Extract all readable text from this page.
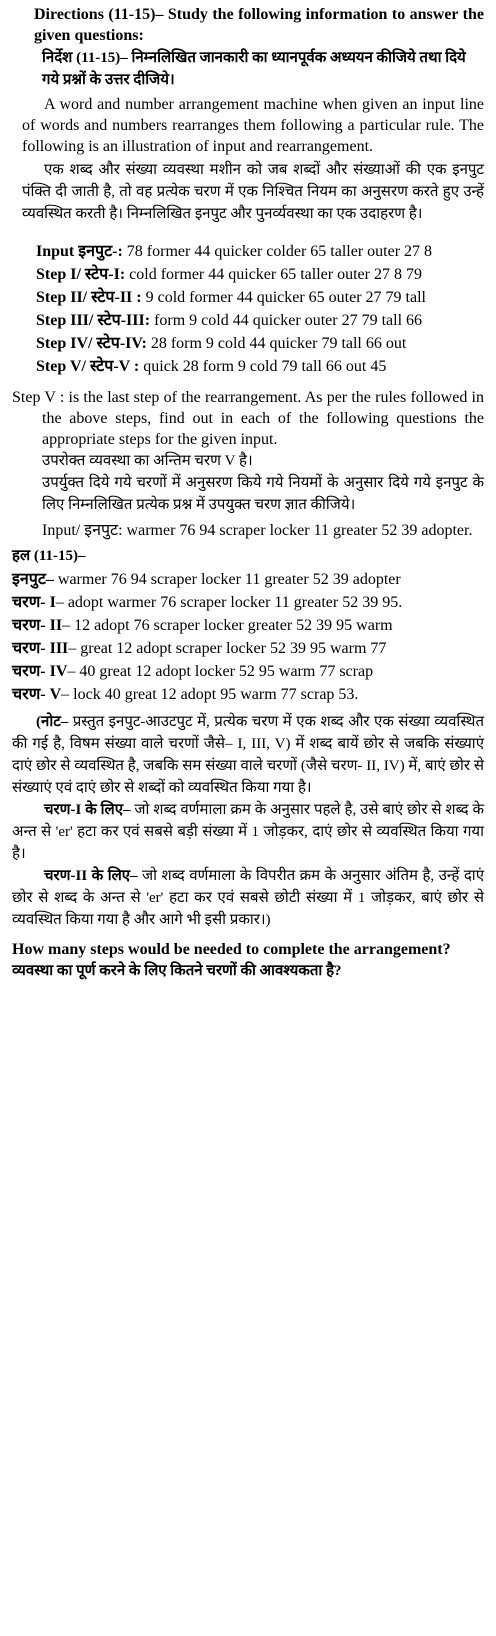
Directions (11-15)– Study the following information to answer the given questions:

निर्देश (11-15)– निम्नलिखित जानकारी का ध्यानपूर्वक अध्ययन कीजिये तथा दिये गये प्रश्नों के उत्तर दीजिये।

A word and number arrangement machine when given an input line of words and numbers rearranges them following a particular rule. The following is an illustration of input and rearrangement.

एक शब्द और संख्या व्यवस्था मशीन को जब शब्दों और संख्याओं की एक इनपुट पंक्ति दी जाती है, तो वह प्रत्येक चरण में एक निश्चित नियम का अनुसरण करते हुए उन्हें व्यवस्थित करती है। निम्नलिखित इनपुट और पुनर्व्यवस्था का एक उदाहरण है।

Input इनपुट-: 78 former 44 quicker colder 65 taller outer 27 8

Step I/ स्टेप-I: cold former 44 quicker 65 taller outer 27 8 79

Step II/ स्टेप-II : 9 cold former 44 quicker 65 outer 27 79 tall

Step III/ स्टेप-III: form 9 cold 44 quicker outer 27 79 tall 66

Step IV/ स्टेप-IV: 28 form 9 cold 44 quicker 79 tall 66 out

Step V/ स्टेप-V : quick 28 form 9 cold 79 tall 66 out 45

Step V : is the last step of the rearrangement. As per the rules followed in the above steps, find out in each of the following questions the appropriate steps for the given input.

उपरोक्त व्यवस्था का अन्तिम चरण V है।

उपर्युक्त दिये गये चरणों में अनुसरण किये गये नियमों के अनुसार दिये गये इनपुट के लिए निम्नलिखित प्रत्येक प्रश्न में उपयुक्त चरण ज्ञात कीजिये।

Input/ इनपुट: warmer 76 94 scraper locker 11 greater 52 39 adopter.

हल (11-15)–

इनपुट– warmer 76 94 scraper locker 11 greater 52 39 adopter

चरण- I– adopt warmer 76 scraper locker 11 greater 52 39 95.

चरण- II– 12 adopt 76 scraper locker greater 52 39 95 warm

चरण- III– great 12 adopt scraper locker 52 39 95 warm 77

चरण- IV– 40 great 12 adopt locker 52 95 warm 77 scrap

चरण- V– lock 40 great 12 adopt 95 warm 77 scrap 53.

(नोट– प्रस्तुत इनपुट-आउटपुट में, प्रत्येक चरण में एक शब्द और एक संख्या व्यवस्थित की गई है, विषम संख्या वाले चरणों जैसे– I, III, V) में शब्द बायें छोर से जबकि संख्याएं दाएं छोर से व्यवस्थित है, जबकि सम संख्या वाले चरणों (जैसे चरण- II, IV) में, बाएं छोर से संख्याएं एवं दाएं छोर से शब्दों को व्यवस्थित किया गया है।

चरण-I के लिए– जो शब्द वर्णमाला क्रम के अनुसार पहले है, उसे बाएं छोर से शब्द के अन्त से 'er' हटा कर एवं सबसे बड़ी संख्या में 1 जोड़कर, दाएं छोर से व्यवस्थित किया गया है।

चरण-II के लिए– जो शब्द वर्णमाला के विपरीत क्रम के अनुसार अंतिम है, उन्हें दाएं छोर से शब्द के अन्त से 'er' हटा कर एवं सबसे छोटी संख्या में 1 जोड़कर, बाएं छोर से व्यवस्थित किया गया है और आगे भी इसी प्रकार।)

How many steps would be needed to complete the arrangement?

व्यवस्था का पूर्ण करने के लिए कितने चरणों की आवश्यकता है?
